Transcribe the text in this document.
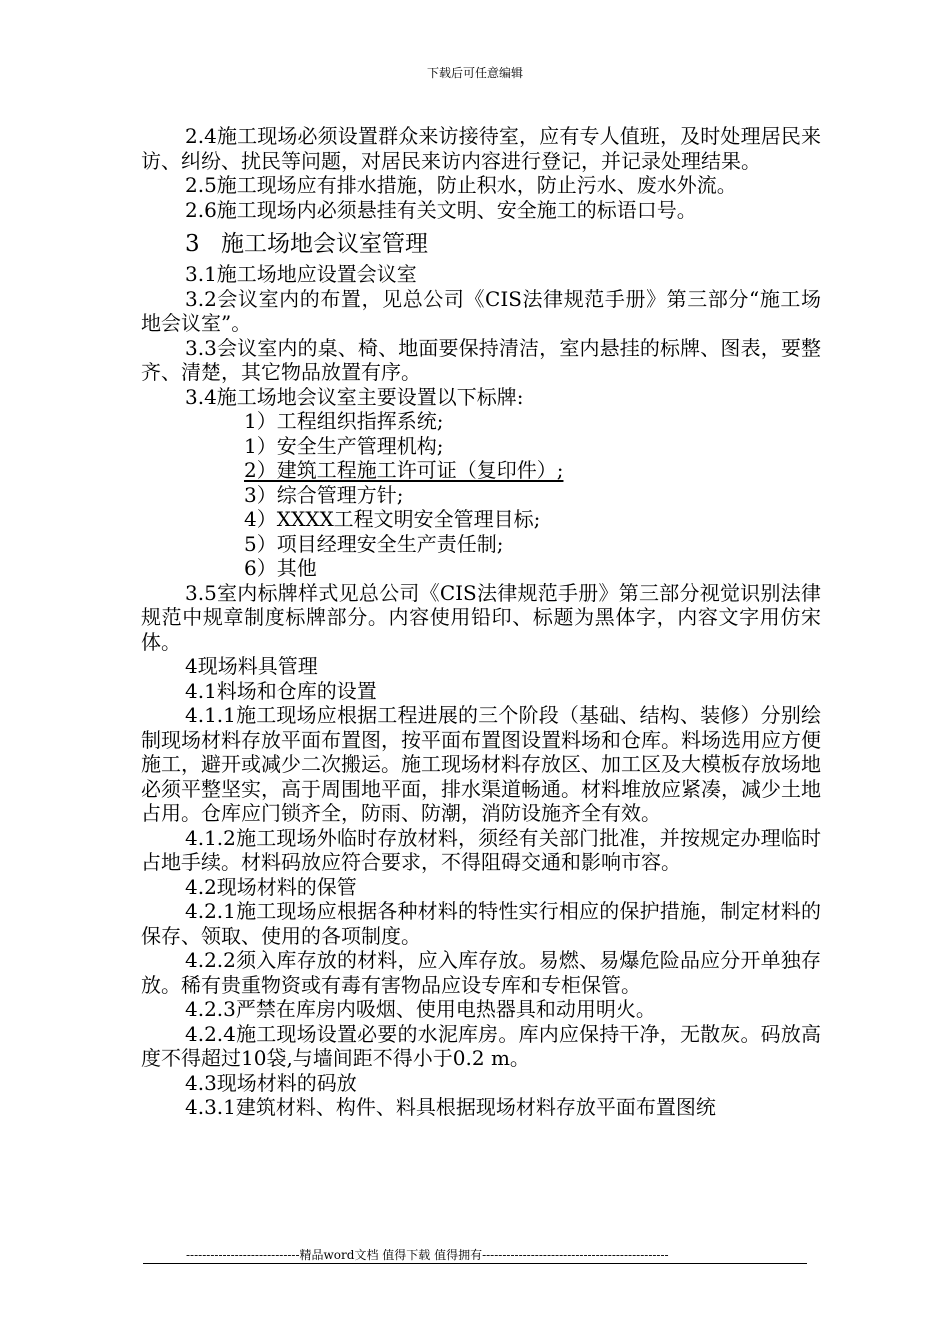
下载后可任意编辑

2.4施工现场必须设置群众来访接待室，应有专人值班，及时处理居民来访、纠纷、扰民等问题，对居民来访内容进行登记，并记录处理结果。

2.5施工现场应有排水措施，防止积水，防止污水、废水外流。

2.6施工现场内必须悬挂有关文明、安全施工的标语口号。

3 施工场地会议室管理

3.1施工场地应设置会议室

3.2会议室内的布置，见总公司《CIS法律规范手册》第三部分“施工场地会议室”。

3.3会议室内的桌、椅、地面要保持清洁，室内悬挂的标牌、图表，要整齐、清楚，其它物品放置有序。

3.4施工场地会议室主要设置以下标牌:

1）工程组织指挥系统;

1）安全生产管理机构;

2）建筑工程施工许可证（复印件）;

3）综合管理方针;

4）XXXX工程文明安全管理目标;

5）项目经理安全生产责任制;

6）其他

3.5室内标牌样式见总公司《CIS法律规范手册》第三部分视觉识别法律规范中规章制度标牌部分。内容使用铅印、标题为黑体字，内容文字用仿宋体。

4现场料具管理

4.1料场和仓库的设置

4.1.1施工现场应根据工程进展的三个阶段（基础、结构、装修）分别绘制现场材料存放平面布置图，按平面布置图设置料场和仓库。料场选用应方便施工，避开或减少二次搬运。施工现场材料存放区、加工区及大模板存放场地必须平整坚实，高于周围地平面，排水渠道畅通。材料堆放应紧凑，减少土地占用。仓库应门锁齐全，防雨、防潮，消防设施齐全有效。

4.1.2施工现场外临时存放材料，须经有关部门批准，并按规定办理临时占地手续。材料码放应符合要求，不得阻碍交通和影响市容。

4.2现场材料的保管

4.2.1施工现场应根据各种材料的特性实行相应的保护措施，制定材料的保存、领取、使用的各项制度。

4.2.2须入库存放的材料，应入库存放。易燃、易爆危险品应分开单独存放。稀有贵重物资或有毒有害物品应设专库和专柜保管。

4.2.3严禁在库房内吸烟、使用电热器具和动用明火。

4.2.4施工现场设置必要的水泥库房。库内应保持干净，无散灰。码放高度不得超过10袋,与墙间距不得小于0.2 m。

4.3现场材料的码放

4.3.1建筑材料、构件、料具根据现场材料存放平面布置图统

----------------------------精品word文档 值得下载 值得拥有----------------------------------------------
